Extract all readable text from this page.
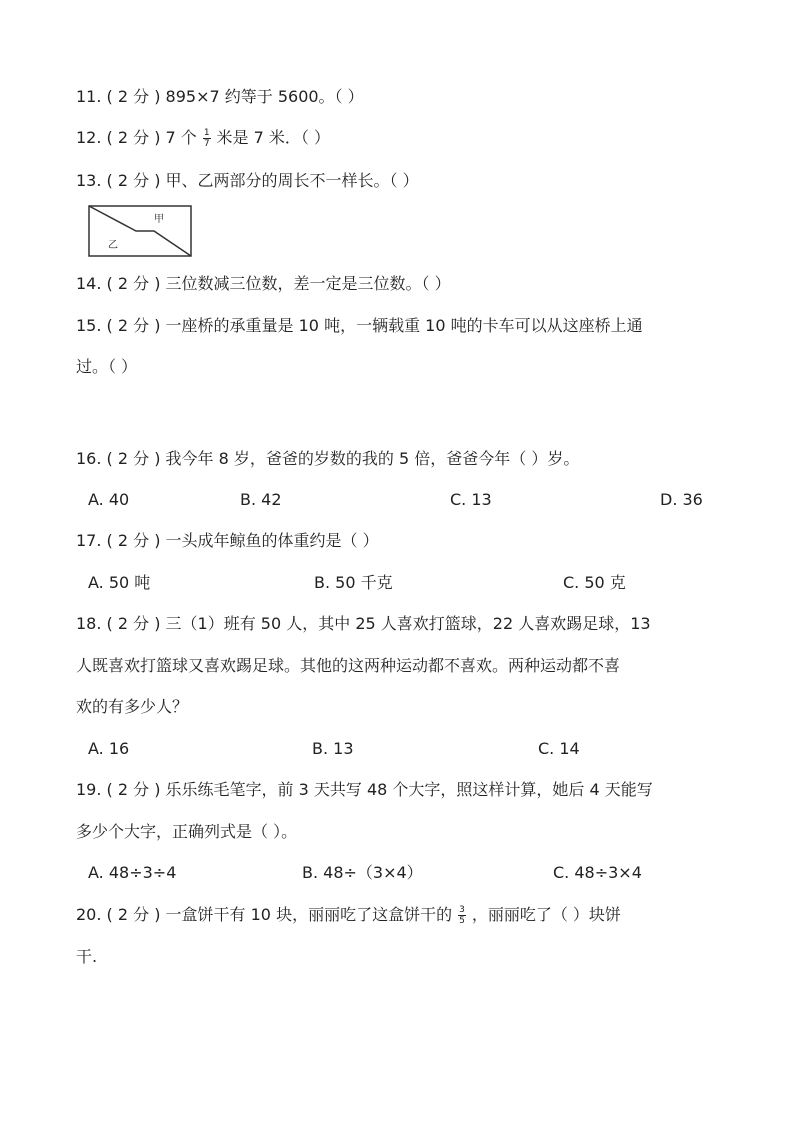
11. ( 2 分 ) 895×7 约等于 5600。（ ）
12. ( 2 分 ) 7 个 $\frac{1}{7}$ 米是 7 米．（ ）
13. ( 2 分 ) 甲、乙两部分的周长不一样长。（ ）
甲
乙
14. ( 2 分 ) 三位数减三位数，差一定是三位数。（ ）
15. ( 2 分 ) 一座桥的承重量是 10 吨，一辆载重 10 吨的卡车可以从这座桥上通
过。（ ）
16. ( 2 分 ) 我今年 8 岁，爸爸的岁数的我的 5 倍，爸爸今年（ ）岁。
A. 40	B. 42	C. 13	D. 36
17. ( 2 分 ) 一头成年鲸鱼的体重约是（ ）
A. 50 吨	B. 50 千克	C. 50 克
18. ( 2 分 ) 三（1）班有 50 人，其中 25 人喜欢打篮球，22 人喜欢踢足球，13
人既喜欢打篮球又喜欢踢足球。其他的这两种运动都不喜欢。两种运动都不喜
欢的有多少人？
A. 16	B. 13	C. 14
19. ( 2 分 ) 乐乐练毛笔字，前 3 天共写 48 个大字，照这样计算，她后 4 天能写
多少个大字，正确列式是（ ）。
A. 48÷3÷4	B. 48÷（3×4）	C. 48÷3×4
20. ( 2 分 ) 一盒饼干有 10 块，丽丽吃了这盒饼干的 $\frac{3}{5}$ ，丽丽吃了（ ）块饼
干.
